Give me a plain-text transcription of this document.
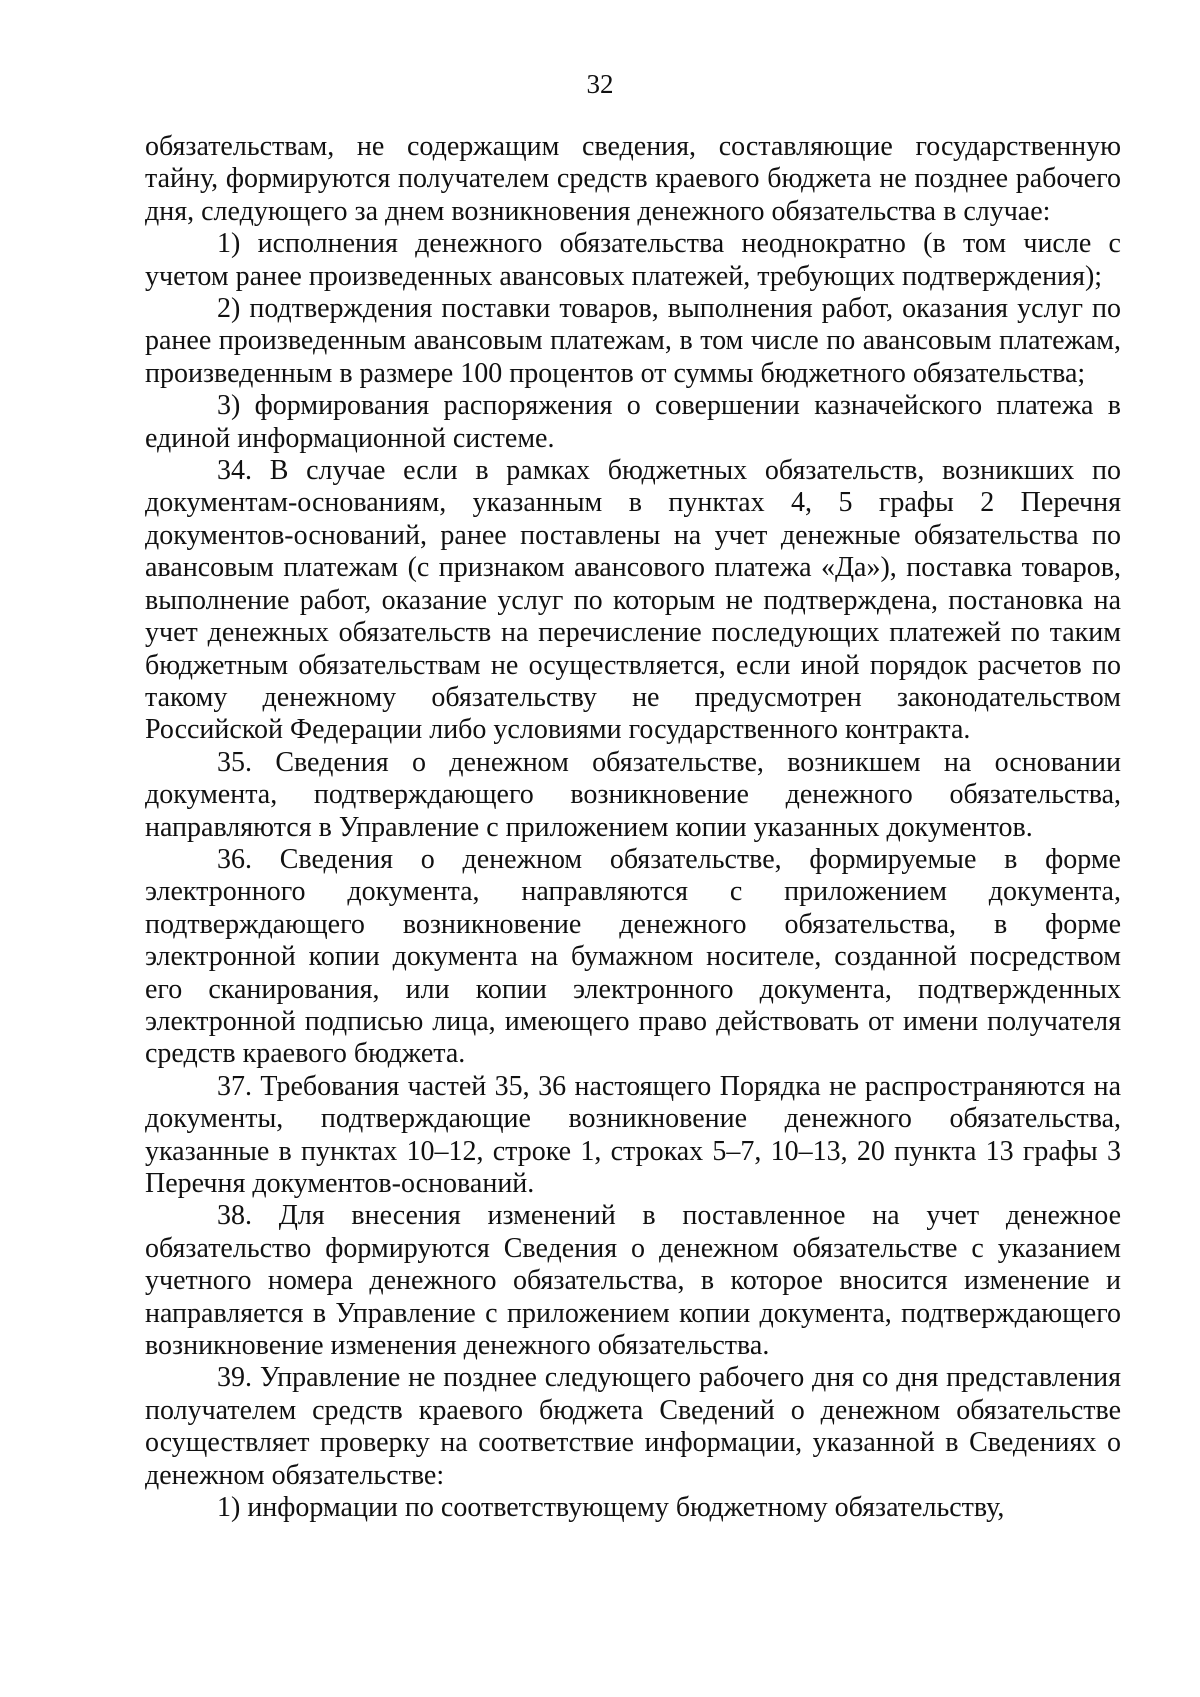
32

обязательствам, не содержащим сведения, составляющие государственную тайну, формируются получателем средств краевого бюджета не позднее рабочего дня, следующего за днем возникновения денежного обязательства в случае:

1) исполнения денежного обязательства неоднократно (в том числе с учетом ранее произведенных авансовых платежей, требующих подтверждения);

2) подтверждения поставки товаров, выполнения работ, оказания услуг по ранее произведенным авансовым платежам, в том числе по авансовым платежам, произведенным в размере 100 процентов от суммы бюджетного обязательства;

3) формирования распоряжения о совершении казначейского платежа в единой информационной системе.

34. В случае если в рамках бюджетных обязательств, возникших по документам-основаниям, указанным в пунктах 4, 5 графы 2 Перечня документов-оснований, ранее поставлены на учет денежные обязательства по авансовым платежам (с признаком авансового платежа «Да»), поставка товаров, выполнение работ, оказание услуг по которым не подтверждена, постановка на учет денежных обязательств на перечисление последующих платежей по таким бюджетным обязательствам не осуществляется, если иной порядок расчетов по такому денежному обязательству не предусмотрен законодательством Российской Федерации либо условиями государственного контракта.

35. Сведения о денежном обязательстве, возникшем на основании документа, подтверждающего возникновение денежного обязательства, направляются в Управление с приложением копии указанных документов.

36. Сведения о денежном обязательстве, формируемые в форме электронного документа, направляются с приложением документа, подтверждающего возникновение денежного обязательства, в форме электронной копии документа на бумажном носителе, созданной посредством его сканирования, или копии электронного документа, подтвержденных электронной подписью лица, имеющего право действовать от имени получателя средств краевого бюджета.

37. Требования частей 35, 36 настоящего Порядка не распространяются на документы, подтверждающие возникновение денежного обязательства, указанные в пунктах 10–12, строке 1, строках 5–7, 10–13, 20 пункта 13 графы 3 Перечня документов-оснований.

38. Для внесения изменений в поставленное на учет денежное обязательство формируются Сведения о денежном обязательстве с указанием учетного номера денежного обязательства, в которое вносится изменение и направляется в Управление с приложением копии документа, подтверждающего возникновение изменения денежного обязательства.

39. Управление не позднее следующего рабочего дня со дня представления получателем средств краевого бюджета Сведений о денежном обязательстве осуществляет проверку на соответствие информации, указанной в Сведениях о денежном обязательстве:

1) информации по соответствующему бюджетному обязательству,
